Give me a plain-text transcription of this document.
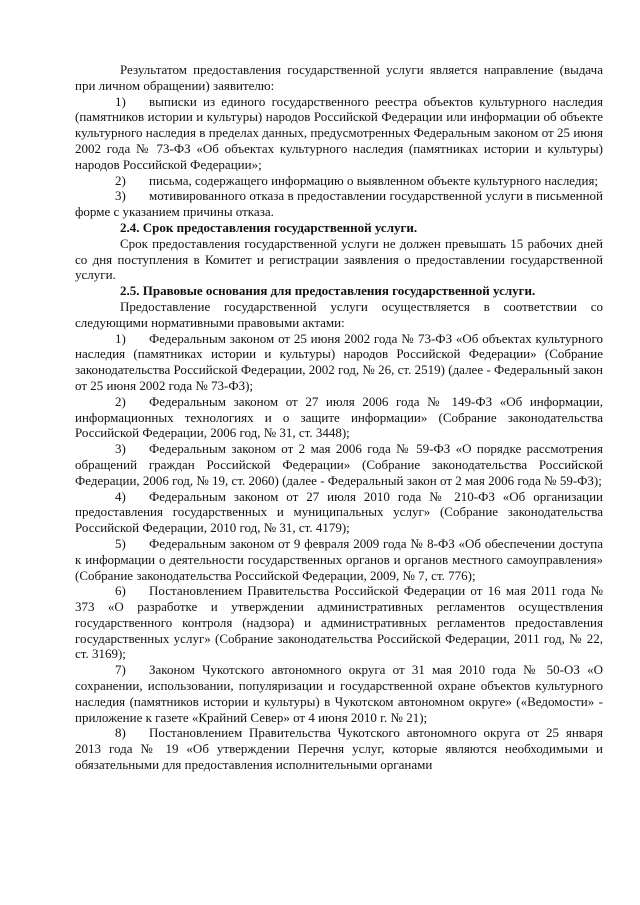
Результатом предоставления государственной услуги является направление (выдача при личном обращении) заявителю:

1) выписки из единого государственного реестра объектов культурного наследия (памятников истории и культуры) народов Российской Федерации или информации об объекте культурного наследия в пределах данных, предусмотренных Федеральным законом от 25 июня 2002 года № 73-ФЗ «Об объектах культурного наследия (памятниках истории и культуры) народов Российской Федерации»;

2) письма, содержащего информацию о выявленном объекте культурного наследия;

3) мотивированного отказа в предоставлении государственной услуги в письменной форме с указанием причины отказа.

2.4. Срок предоставления государственной услуги.

Срок предоставления государственной услуги не должен превышать 15 рабочих дней со дня поступления в Комитет и регистрации заявления о предоставлении государственной услуги.

2.5. Правовые основания для предоставления государственной услуги.

Предоставление государственной услуги осуществляется в соответствии со следующими нормативными правовыми актами:

1) Федеральным законом от 25 июня 2002 года № 73-ФЗ «Об объектах культурного наследия (памятниках истории и культуры) народов Российской Федерации» (Собрание законодательства Российской Федерации, 2002 год, № 26, ст. 2519) (далее - Федеральный закон от 25 июня 2002 года № 73-ФЗ);

2) Федеральным законом от 27 июля 2006 года № 149-ФЗ «Об информации, информационных технологиях и о защите информации» (Собрание законодательства Российской Федерации, 2006 год, № 31, ст. 3448);

3) Федеральным законом от 2 мая 2006 года № 59-ФЗ «О порядке рассмотрения обращений граждан Российской Федерации» (Собрание законодательства Российской Федерации, 2006 год, № 19, ст. 2060) (далее - Федеральный закон от 2 мая 2006 года № 59-ФЗ);

4) Федеральным законом от 27 июля 2010 года № 210-ФЗ «Об организации предоставления государственных и муниципальных услуг» (Собрание законодательства Российской Федерации, 2010 год, № 31, ст. 4179);

5) Федеральным законом от 9 февраля 2009 года № 8-ФЗ «Об обеспечении доступа к информации о деятельности государственных органов и органов местного самоуправления» (Собрание законодательства Российской Федерации, 2009, № 7, ст. 776);

6) Постановлением Правительства Российской Федерации от 16 мая 2011 года № 373 «О разработке и утверждении административных регламентов осуществления государственного контроля (надзора) и административных регламентов предоставления государственных услуг» (Собрание законодательства Российской Федерации, 2011 год, № 22, ст. 3169);

7) Законом Чукотского автономного округа от 31 мая 2010 года № 50-ОЗ «О сохранении, использовании, популяризации и государственной охране объектов культурного наследия (памятников истории и культуры) в Чукотском автономном округе» («Ведомости» - приложение к газете «Крайний Север» от 4 июня 2010 г. № 21);

8) Постановлением Правительства Чукотского автономного округа от 25 января 2013 года № 19 «Об утверждении Перечня услуг, которые являются необходимыми и обязательными для предоставления исполнительными органами
